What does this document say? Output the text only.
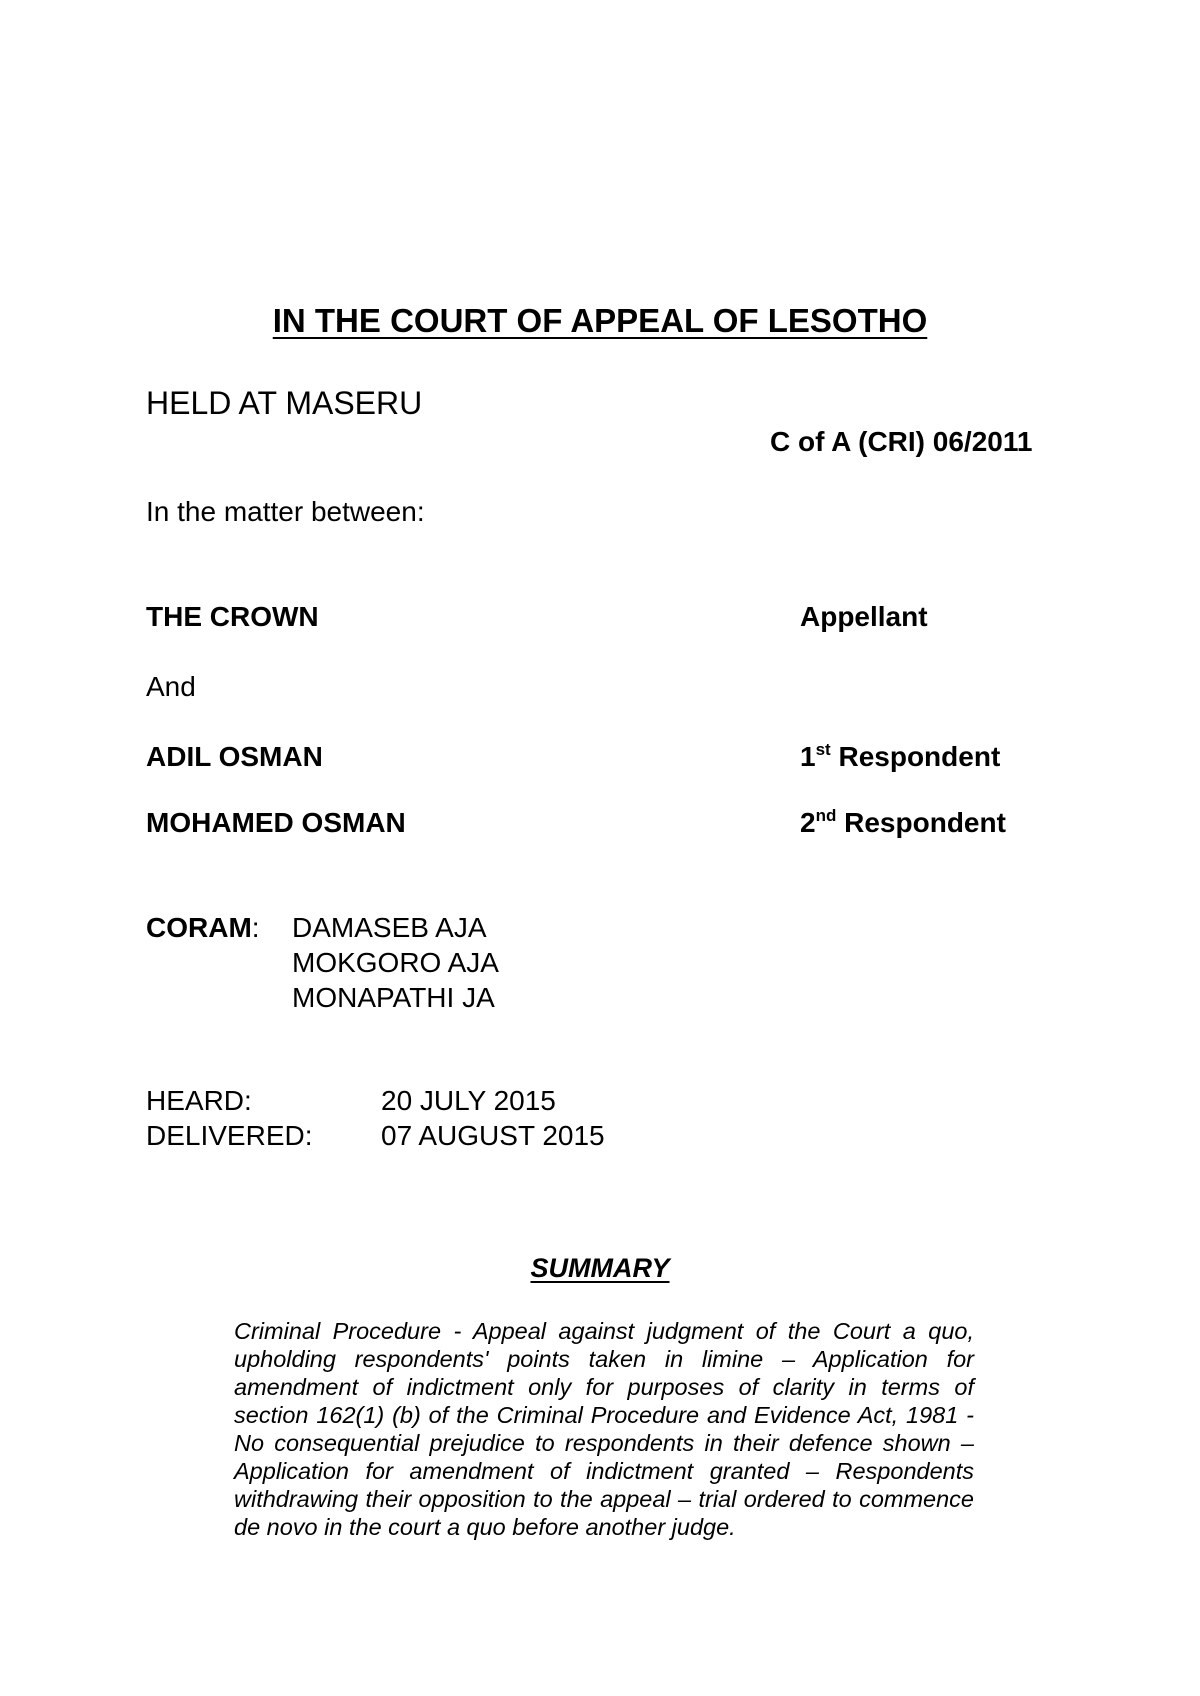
IN THE COURT OF APPEAL OF LESOTHO
HELD AT MASERU
C of A (CRI) 06/2011
In the matter between:
THE CROWN	Appellant
And
ADIL OSMAN	1st Respondent
MOHAMED OSMAN	2nd Respondent
CORAM: DAMASEB AJA
MOKGORO AJA
MONAPATHI JA
HEARD:	20 JULY 2015
DELIVERED: 07 AUGUST 2015
SUMMARY

Criminal Procedure - Appeal against judgment of the Court a quo, upholding respondents' points taken in limine – Application for amendment of indictment only for purposes of clarity in terms of section 162(1) (b) of the Criminal Procedure and Evidence Act, 1981 - No consequential prejudice to respondents in their defence shown – Application for amendment of indictment granted – Respondents withdrawing their opposition to the appeal – trial ordered to commence de novo in the court a quo before another judge.
